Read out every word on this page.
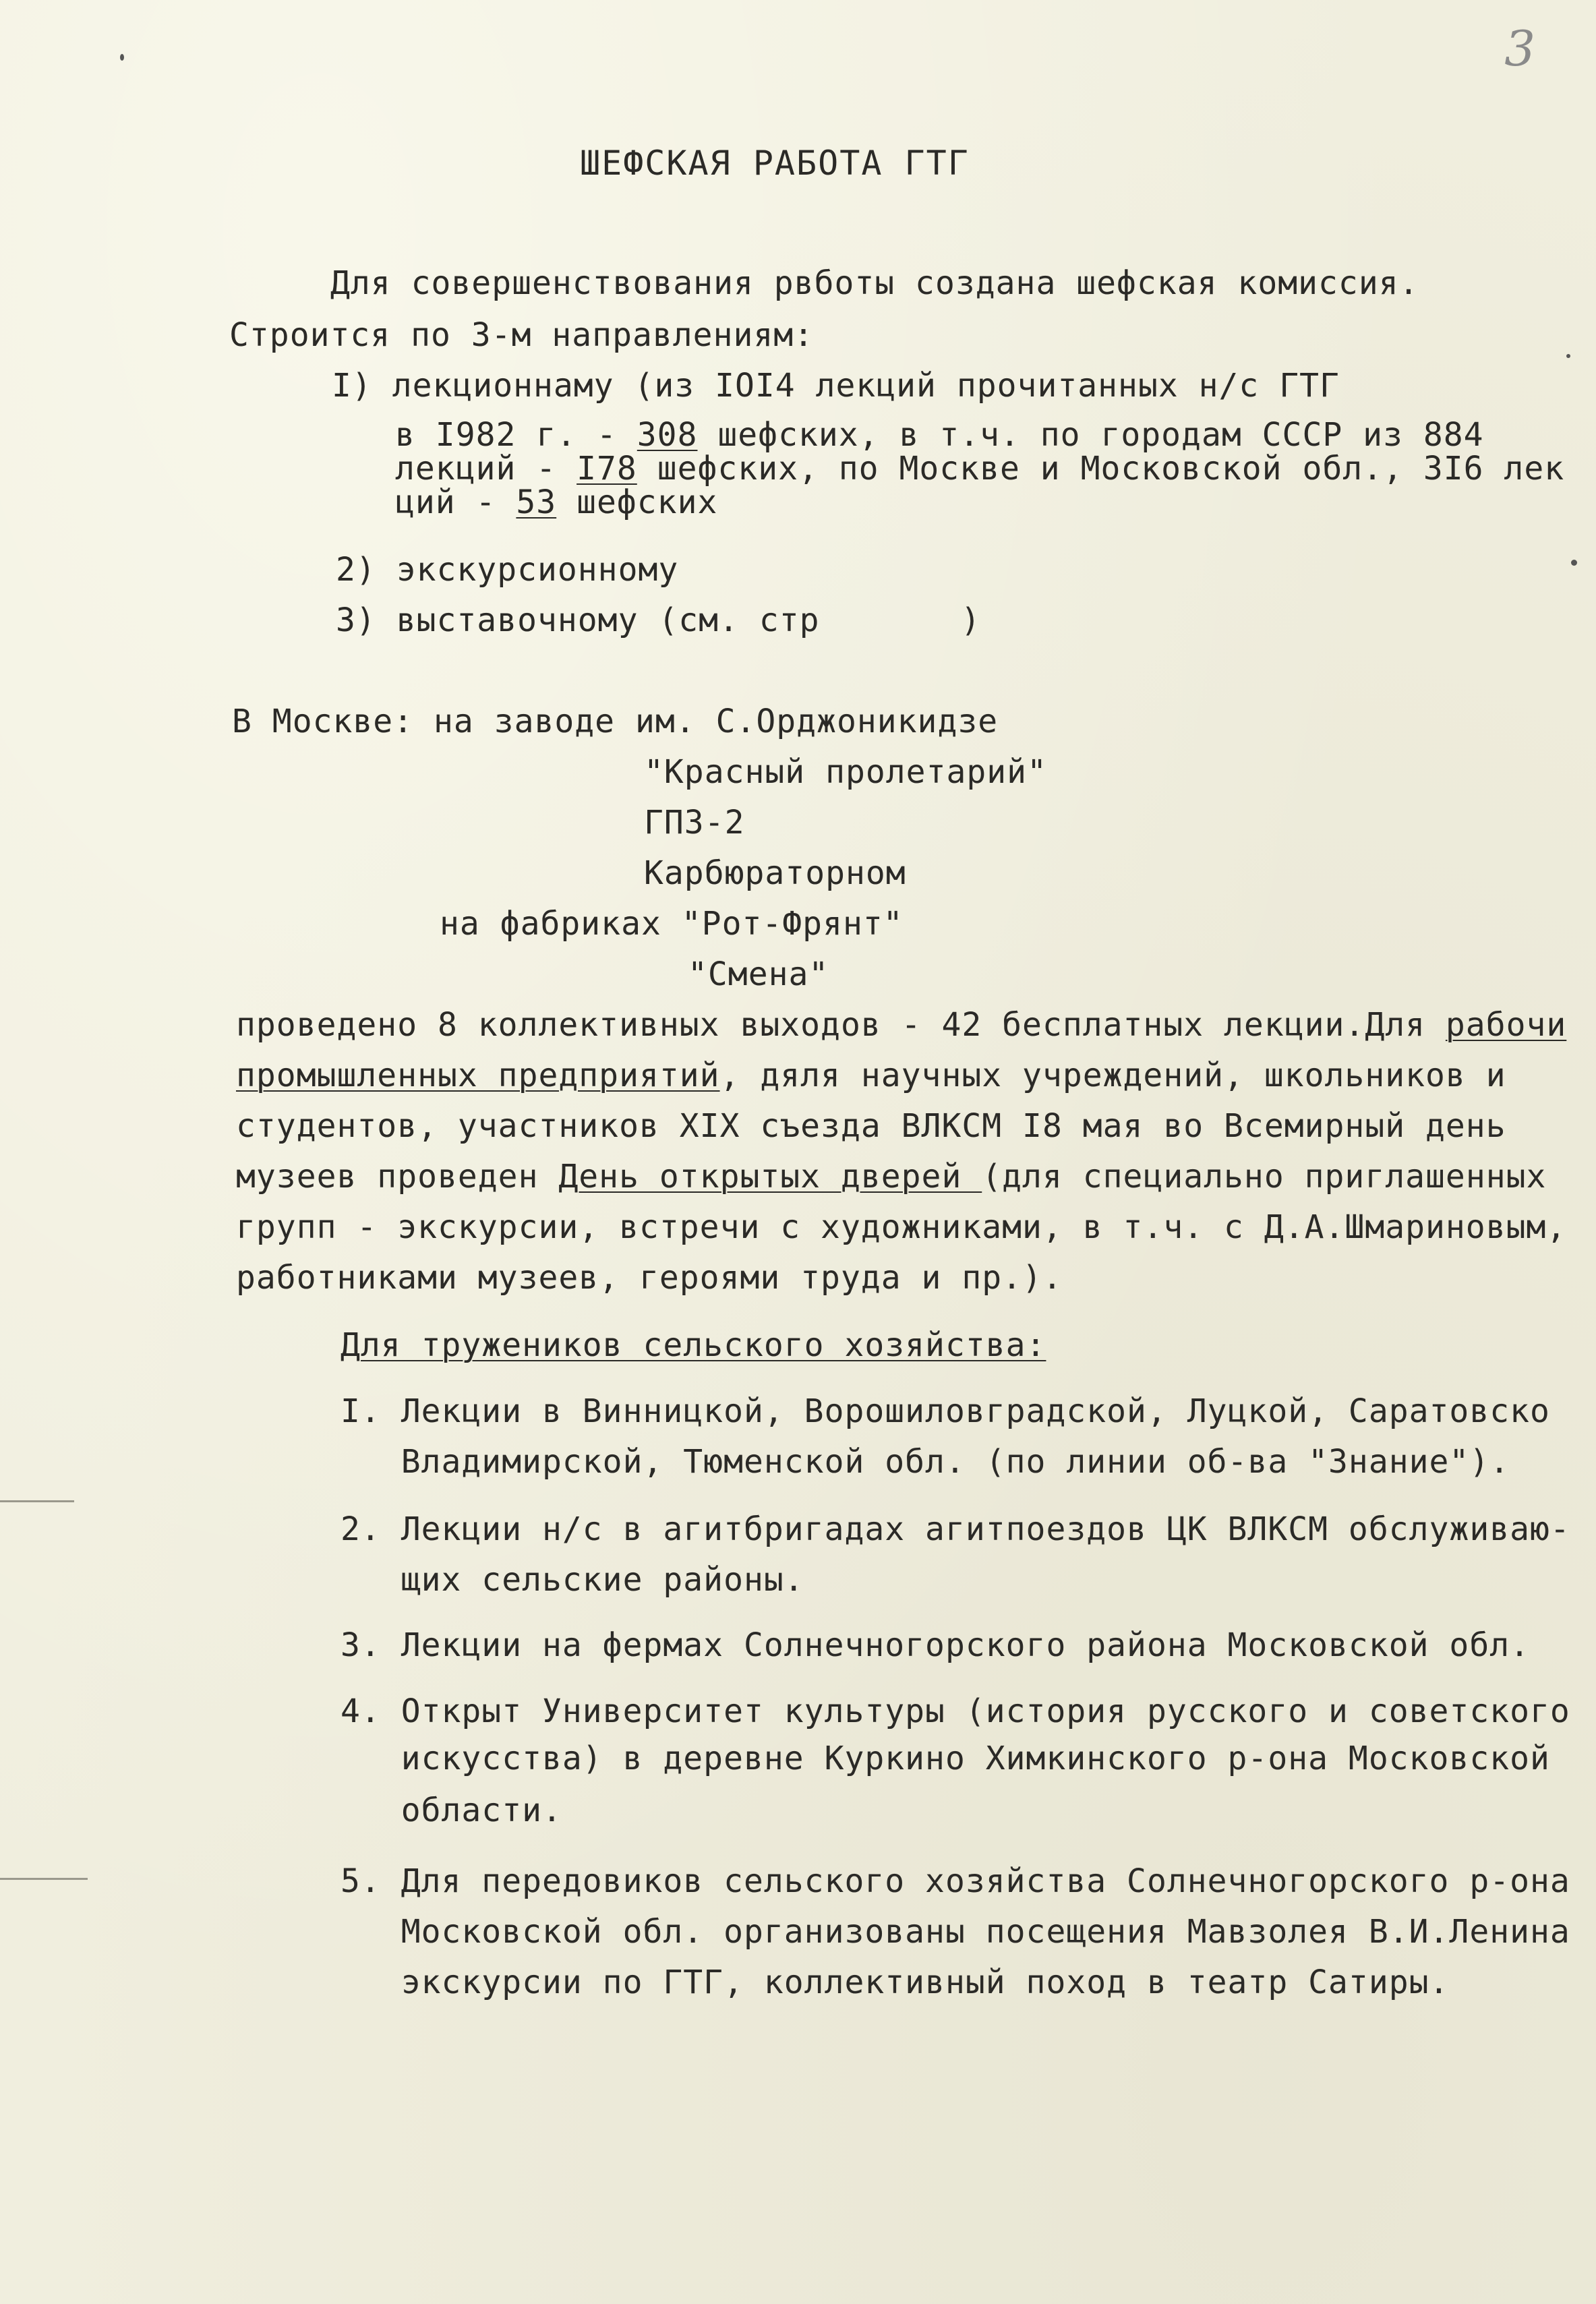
3
ШЕФСКАЯ РАБОТА ГТГ
Для совершенствования рвботы создана шефская комиссия.
Строится по 3-м направлениям:
I) лекционнаму (из IOI4 лекций прочитанных н/с ГТГ
в I982 г. - 308 шефских, в т.ч. по городам СССР из 884
лекций - I78 шефских, по Москве и Московской обл., 3I6 лек
ций - 53 шефских
2) экскурсионному
3) выставочному (см. стр       )
В Москве: на заводе им. С.Орджоникидзе
"Красный пролетарий"
ГПЗ-2
Карбюраторном
на фабриках "Рот-Фрянт"
"Смена"
проведено 8 коллективных выходов - 42 бесплатных лекции.Для рабочи
промышленных предприятий, дяля научных учреждений, школьников и
студентов, участников XIX съезда ВЛКСМ I8 мая во Всемирный день
музеев проведен День открытых дверей (для специально приглашенных
групп - экскурсии, встречи с художниками, в т.ч. с Д.А.Шмариновым,
работниками музеев, героями труда и пр.).
Для тружеников сельского хозяйства:
I. Лекции в Винницкой, Ворошиловградской, Луцкой, Саратовско
Владимирской, Тюменской обл. (по линии об-ва "Знание").
2. Лекции н/с в агитбригадах агитпоездов ЦК ВЛКСМ обслуживаю-
щих сельские районы.
3. Лекции на фермах Солнечногорского района Московской обл.
4. Открыт Университет культуры (история русского и советского
искусства) в деревне Куркино Химкинского р-она Московской
области.
5. Для передовиков сельского хозяйства Солнечногорского р-она
Московской обл. организованы посещения Мавзолея В.И.Ленина
экскурсии по ГТГ, коллективный поход в театр Сатиры.
